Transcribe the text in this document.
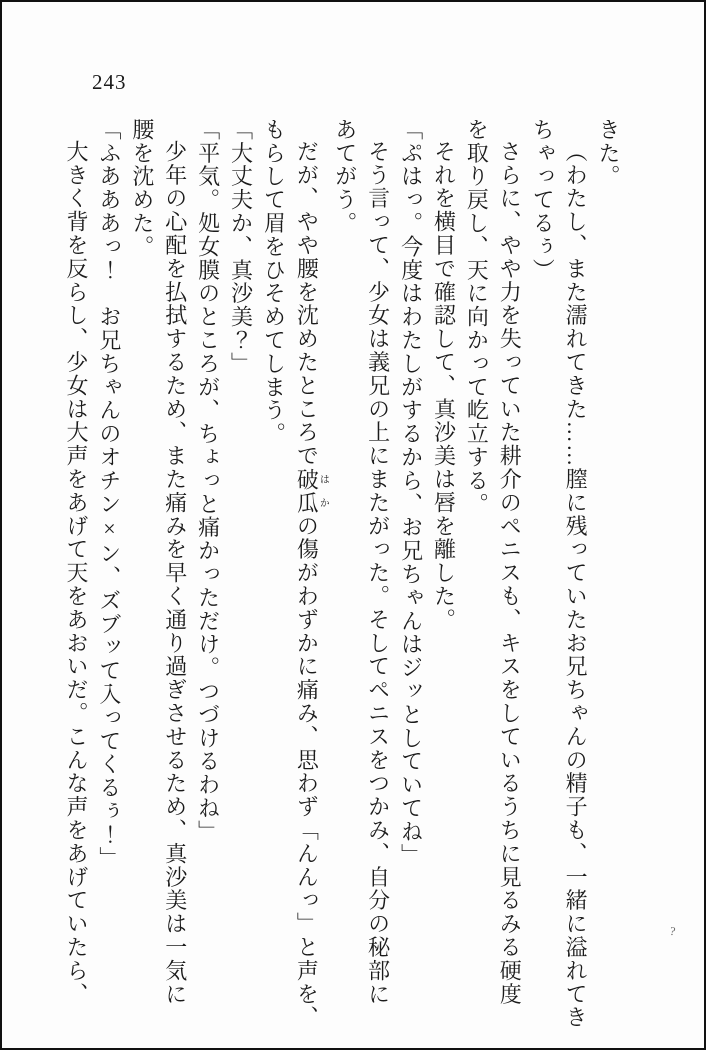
243
きた。
（わたし、また濡れてきた……膣に残っていたお兄ちゃんの精子も、一緒に溢れてき
ちゃってるぅ）
さらに、やや力を失っていた耕介のペニスも、キスをしているうちに見るみる硬度
を取り戻し、天に向かって屹立する。
それを横目で確認して、真沙美は唇を離した。
「ぷはっ。今度はわたしがするから、お兄ちゃんはジッとしていてね」
そう言って、少女は義兄の上にまたがった。そしてペニスをつかみ、自分の秘部に
あてがう。
だが、やや腰を沈めたところで破瓜はかの傷がわずかに痛み、思わず「んんっ」と声を、
もらして眉をひそめてしまう。
「大丈夫か、真沙美？」
「平気。処女膜のところが、ちょっと痛かっただけ。つづけるわね」
少年の心配を払拭するため、また痛みを早く通り過ぎさせるため、真沙美は一気に
腰を沈めた。
「ふあああっ！　お兄ちゃんのオチン×ン、ズブッて入ってくるぅ！」
大きく背を反らし、少女は大声をあげて天をあおいだ。こんな声をあげていたら、	?
